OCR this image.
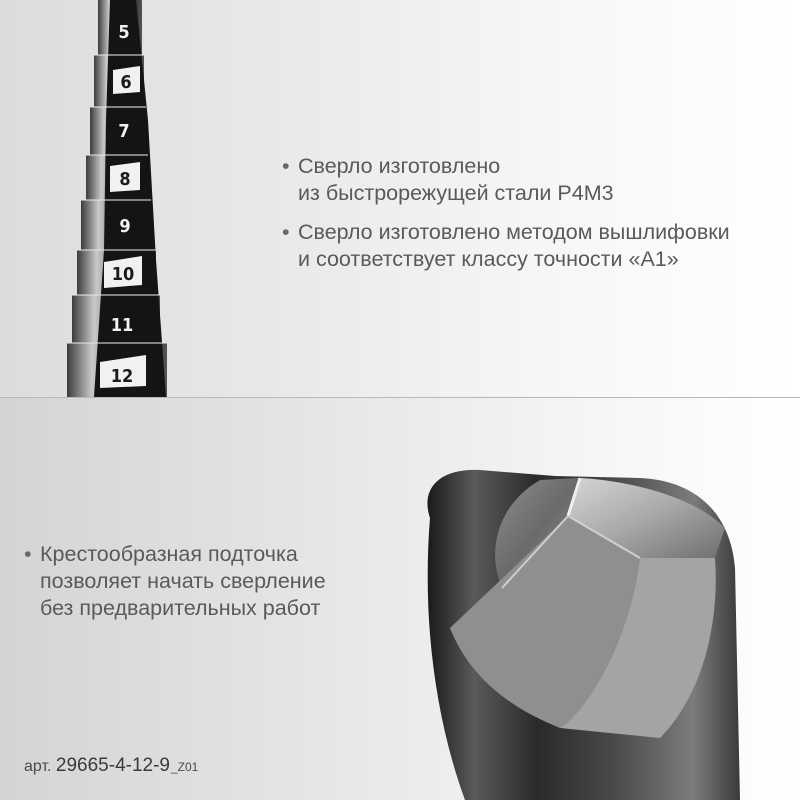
5
6
7
8
9
10
11
12
• Сверло изготовлено
из быстрорежущей стали Р4М3
• Сверло изготовлено методом вышлифовки
и соответствует классу точности «А1»
• Крестообразная подточка
позволяет начать сверление
без предварительных работ
арт. 29665-4-12-9_Z01
